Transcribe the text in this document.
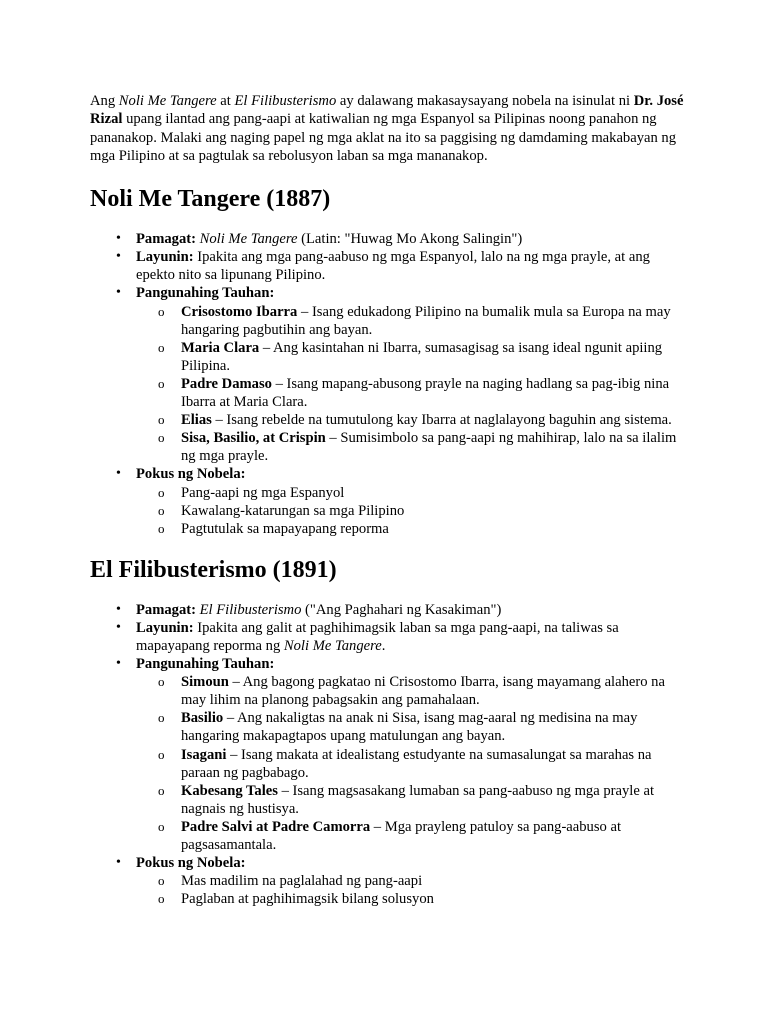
Ang Noli Me Tangere at El Filibusterismo ay dalawang makasaysayang nobela na isinulat ni Dr. José Rizal upang ilantad ang pang-aapi at katiwalian ng mga Espanyol sa Pilipinas noong panahon ng pananakop. Malaki ang naging papel ng mga aklat na ito sa paggising ng damdaming makabayan ng mga Pilipino at sa pagtulak sa rebolusyon laban sa mga mananakop.

Noli Me Tangere (1887)
• Pamagat: Noli Me Tangere (Latin: "Huwag Mo Akong Salingin")
• Layunin: Ipakita ang mga pang-aabuso ng mga Espanyol, lalo na ng mga prayle, at ang epekto nito sa lipunang Pilipino.
• Pangunahing Tauhan:
o Crisostomo Ibarra – Isang edukadong Pilipino na bumalik mula sa Europa na may hangaring pagbutihin ang bayan.
o Maria Clara – Ang kasintahan ni Ibarra, sumasagisag sa isang ideal ngunit apiing Pilipina.
o Padre Damaso – Isang mapang-abusong prayle na naging hadlang sa pag-ibig nina Ibarra at Maria Clara.
o Elias – Isang rebelde na tumutulong kay Ibarra at naglalayong baguhin ang sistema.
o Sisa, Basilio, at Crispin – Sumisimbolo sa pang-aapi ng mahihirap, lalo na sa ilalim ng mga prayle.
• Pokus ng Nobela:
o Pang-aapi ng mga Espanyol
o Kawalang-katarungan sa mga Pilipino
o Pagtutulak sa mapayapang reporma
El Filibusterismo (1891)
• Pamagat: El Filibusterismo ("Ang Paghahari ng Kasakiman")
• Layunin: Ipakita ang galit at paghihimagsik laban sa mga pang-aapi, na taliwas sa mapayapang reporma ng Noli Me Tangere.
• Pangunahing Tauhan:
o Simoun – Ang bagong pagkatao ni Crisostomo Ibarra, isang mayamang alahero na may lihim na planong pabagsakin ang pamahalaan.
o Basilio – Ang nakaligtas na anak ni Sisa, isang mag-aaral ng medisina na may hangaring makapagtapos upang matulungan ang bayan.
o Isagani – Isang makata at idealistang estudyante na sumasalungat sa marahas na paraan ng pagbabago.
o Kabesang Tales – Isang magsasakang lumaban sa pang-aabuso ng mga prayle at nagnais ng hustisya.
o Padre Salvi at Padre Camorra – Mga prayleng patuloy sa pang-aabuso at pagsasamantala.
• Pokus ng Nobela:
o Mas madilim na paglalahad ng pang-aapi
o Paglaban at paghihimagsik bilang solusyon
